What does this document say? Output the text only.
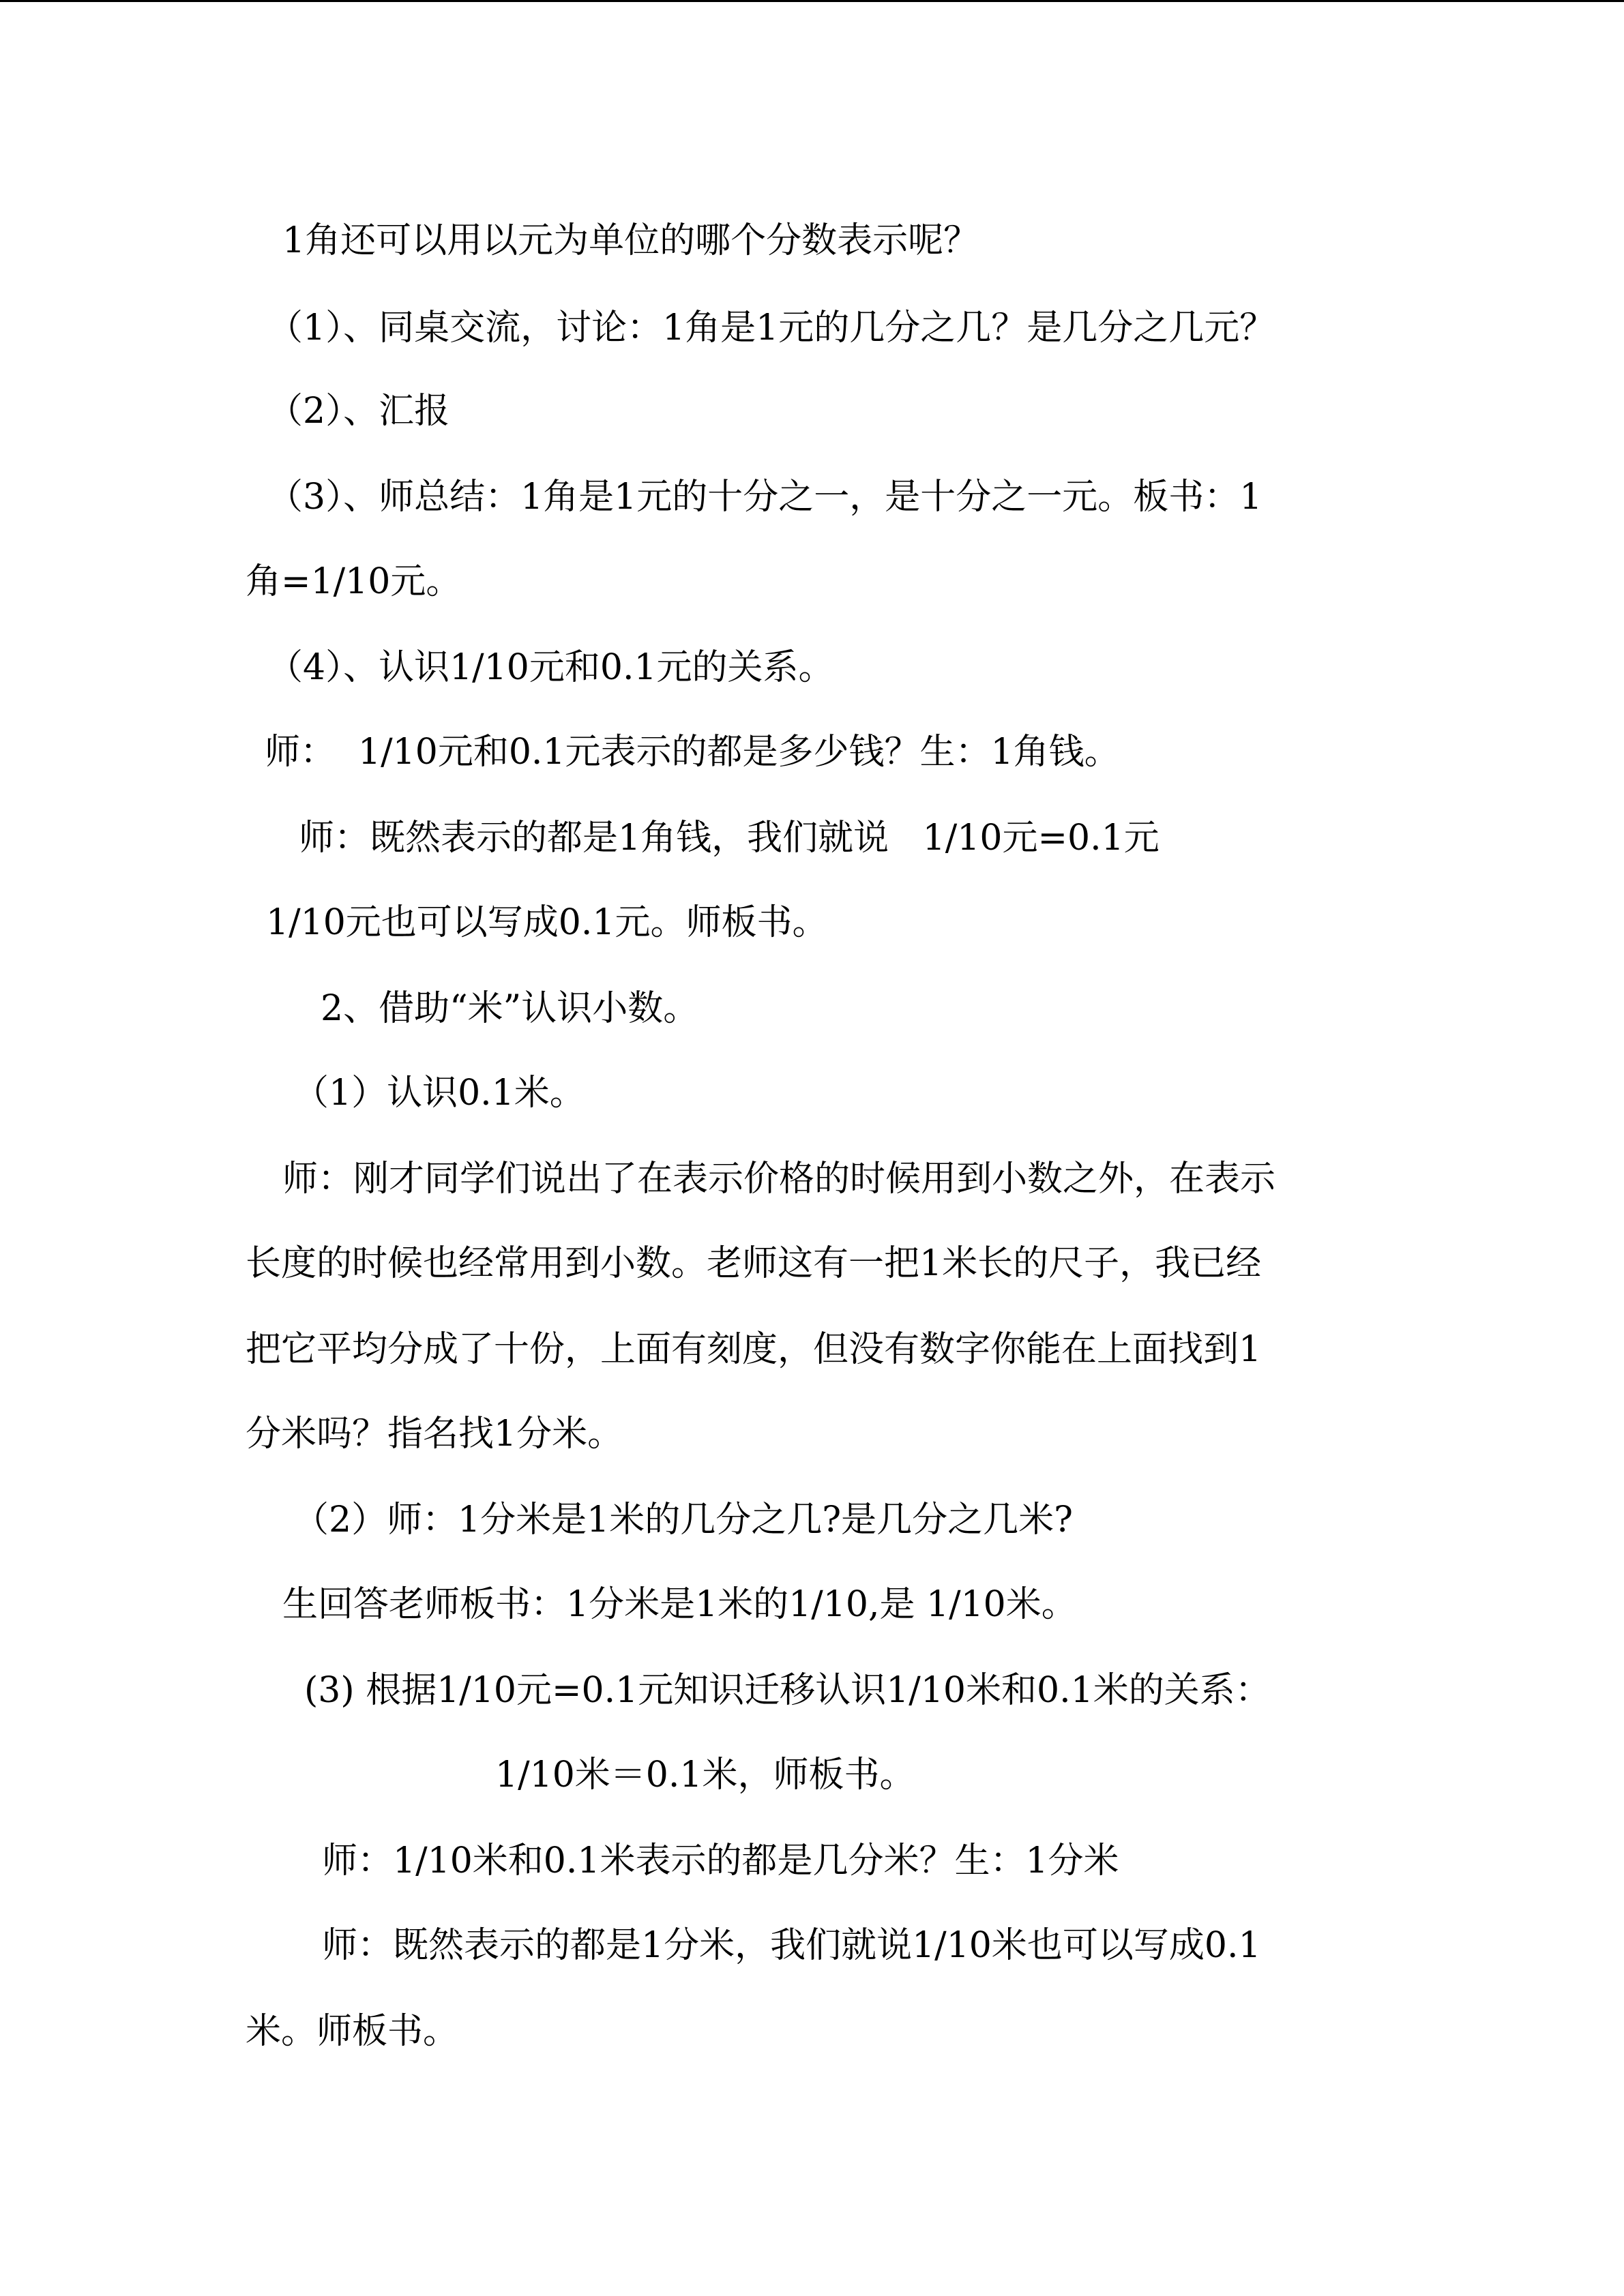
1角还可以用以元为单位的哪个分数表示呢？

（1）、同桌交流，讨论：1角是1元的几分之几？是几分之几元？

（2）、汇报

（3）、师总结：1角是1元的十分之一，是十分之一元。板书：1

角=1/10元。

（4）、认识1/10元和0.1元的关系。

师：  1/10元和0.1元表示的都是多少钱？生：1角钱。

师：既然表示的都是1角钱，我们就说   1/10元=0.1元

1/10元也可以写成0.1元。师板书。

2、借助“米”认识小数。

（1）认识0.1米。

师：刚才同学们说出了在表示价格的时候用到小数之外，在表示

长度的时候也经常用到小数。老师这有一把1米长的尺子，我已经

把它平均分成了十份，上面有刻度，但没有数字你能在上面找到1

分米吗？指名找1分米。

（2）师：1分米是1米的几分之几?是几分之几米?

生回答老师板书：1分米是1米的1/10,是 1/10米。

(3) 根据1/10元=0.1元知识迁移认识1/10米和0.1米的关系：

1/10米＝0.1米，师板书。

师：1/10米和0.1米表示的都是几分米？生：1分米

师：既然表示的都是1分米，我们就说1/10米也可以写成0.1

米。师板书。
